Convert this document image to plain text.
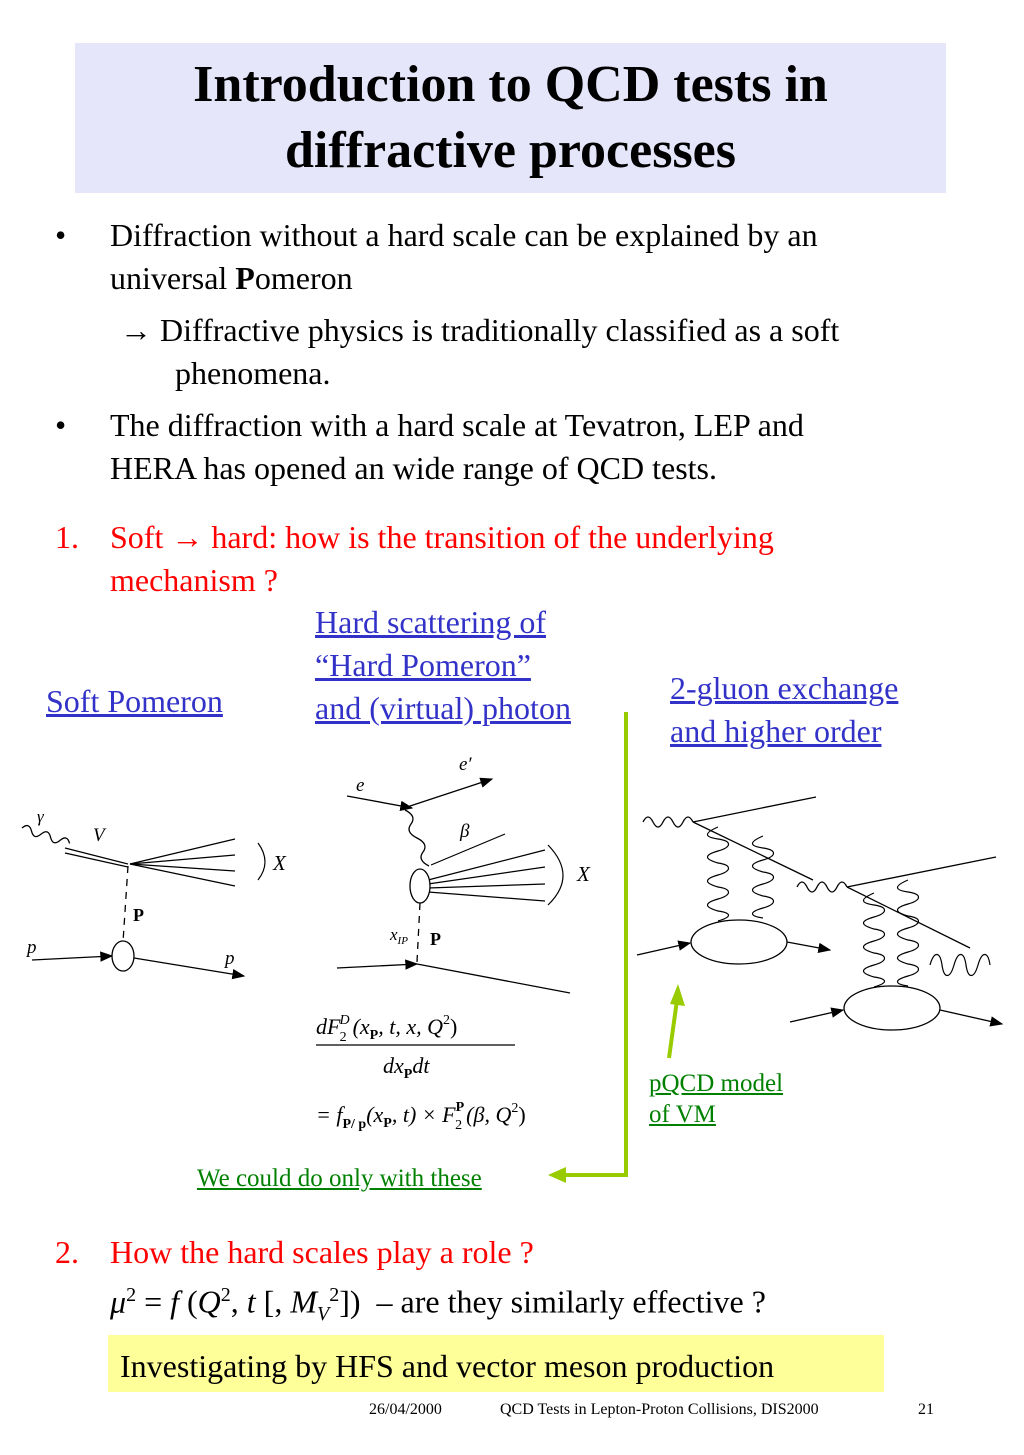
Introduction to QCD tests in
diffractive processes
• Diffraction without a hard scale can be explained by an
universal Pomeron
→ Diffractive physics is traditionally classified as a soft
phenomena.
• The diffraction with a hard scale at Tevatron, LEP and
HERA has opened an wide range of QCD tests.
1. Soft → hard: how is the transition of the underlying
mechanism ?
Hard scattering of
“Hard Pomeron”
and (virtual) photon
Soft Pomeron	2-gluon exchange
and higher order
γ
V
X
P
p
p
e
e′
β
X
$x_{IP}$ P
dFD 2 ($x_P$, t, x, $Q^2$)
$dx_Pdt$
= $f_{P/ p}(x_P$, $t) \times F^P$ 2 (β, $Q^2$)
pQCD model
of VM
We could do only with these
2. How the hard scales play a role ?
$\mu^2 = f$ ($Q^2$, t [, $M_V^2$])  – are they similarly effective ?
Investigating by HFS and vector meson production
26/04/2000	QCD Tests in Lepton-Proton Collisions, DIS2000	21
